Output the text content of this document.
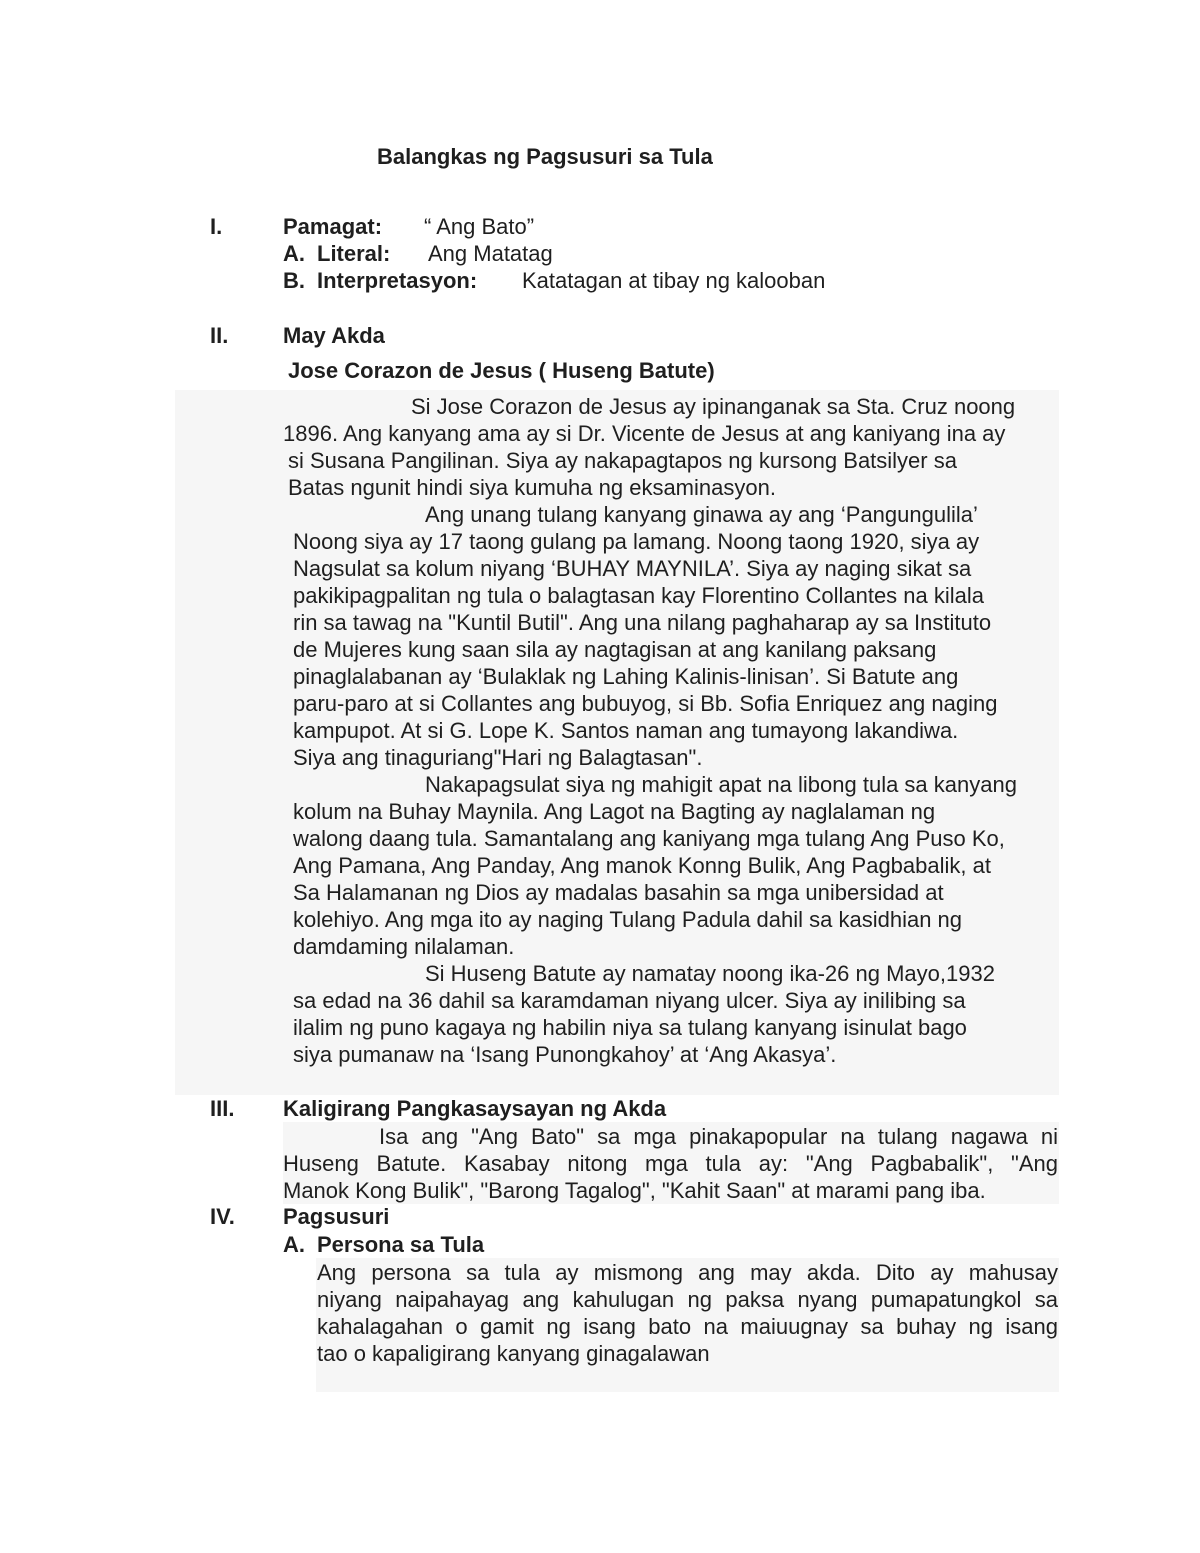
Balangkas ng Pagsusuri sa Tula
I.	Pamagat: “ Ang Bato”
A. Literal: Ang Matatag
B. Interpretasyon: Katatagan at tibay ng kalooban
II. May Akda
Jose Corazon de Jesus ( Huseng Batute)
Si Jose Corazon de Jesus ay ipinanganak sa Sta. Cruz noong
1896. Ang kanyang ama ay si Dr. Vicente de Jesus at ang kaniyang ina ay
si Susana Pangilinan. Siya ay nakapagtapos ng kursong Batsilyer sa
Batas ngunit hindi siya kumuha ng eksaminasyon.
Ang unang tulang kanyang ginawa ay ang ‘Pangungulila’
Noong siya ay 17 taong gulang pa lamang. Noong taong 1920, siya ay
Nagsulat sa kolum niyang ‘BUHAY MAYNILA’. Siya ay naging sikat sa
pakikipagpalitan ng tula o balagtasan kay Florentino Collantes na kilala
rin sa tawag na "Kuntil Butil". Ang una nilang paghaharap ay sa Instituto
de Mujeres kung saan sila ay nagtagisan at ang kanilang paksang
pinaglalabanan ay ‘Bulaklak ng Lahing Kalinis-linisan’. Si Batute ang
paru-paro at si Collantes ang bubuyog, si Bb. Sofia Enriquez ang naging
kampupot. At si G. Lope K. Santos naman ang tumayong lakandiwa.
Siya ang tinaguriang"Hari ng Balagtasan".
Nakapagsulat siya ng mahigit apat na libong tula sa kanyang
kolum na Buhay Maynila. Ang Lagot na Bagting ay naglalaman ng
walong daang tula. Samantalang ang kaniyang mga tulang Ang Puso Ko,
Ang Pamana, Ang Panday, Ang manok Konng Bulik, Ang Pagbabalik, at
Sa Halamanan ng Dios ay madalas basahin sa mga unibersidad at
kolehiyo. Ang mga ito ay naging Tulang Padula dahil sa kasidhian ng
damdaming nilalaman.
Si Huseng Batute ay namatay noong ika-26 ng Mayo,1932
sa edad na 36 dahil sa karamdaman niyang ulcer. Siya ay inilibing sa
ilalim ng puno kagaya ng habilin niya sa tulang kanyang isinulat bago
siya pumanaw na ‘Isang Punongkahoy’ at ‘Ang Akasya’.
III. Kaligirang Pangkasaysayan ng Akda
Isa ang "Ang Bato" sa mga pinakapopular na tulang nagawa ni
Huseng Batute. Kasabay nitong mga tula ay: "Ang Pagbabalik", "Ang
Manok Kong Bulik", "Barong Tagalog", "Kahit Saan" at marami pang iba.
IV. Pagsusuri
A. Persona sa Tula
Ang persona sa tula ay mismong ang may akda. Dito ay mahusay
niyang naipahayag ang kahulugan ng paksa nyang pumapatungkol sa
kahalagahan o gamit ng isang bato na maiuugnay sa buhay ng isang
tao o kapaligirang kanyang ginagalawan
